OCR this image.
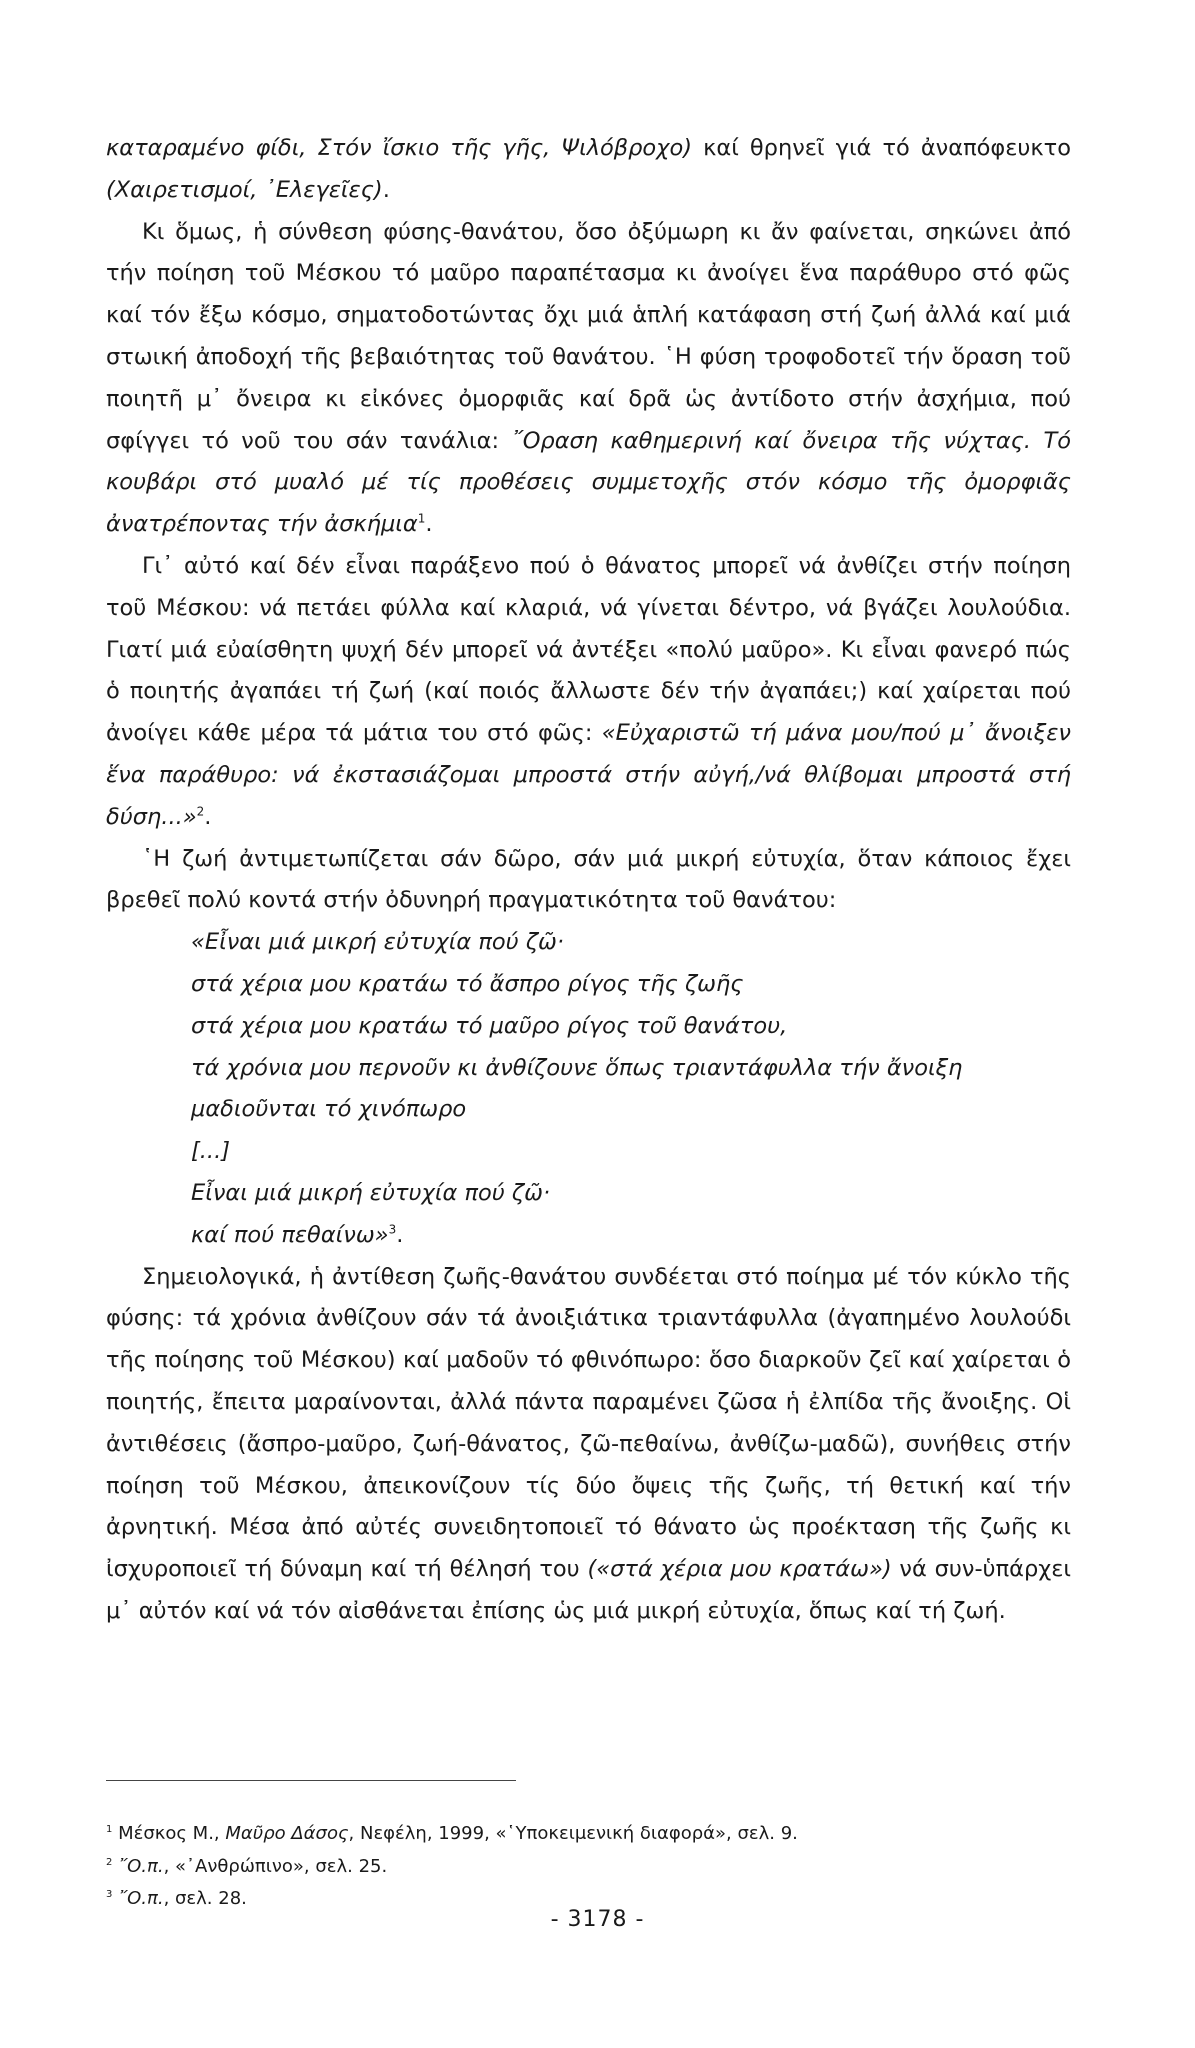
καταραμένο φίδι, Στόν ἴσκιο τῆς γῆς, Ψιλόβροχο) καί θρηνεῖ γιά τό ἀναπόφευκτο (Χαιρετισμοί, ᾽Ελεγεῖες).

Κι ὅμως, ἡ σύνθεση φύσης-θανάτου, ὅσο ὀξύμωρη κι ἄν φαίνεται, σηκώνει ἀπό τήν ποίηση τοῦ Μέσκου τό μαῦρο παραπέτασμα κι ἀνοίγει ἕνα παράθυρο στό φῶς καί τόν ἔξω κόσμο, σηματοδοτώντας ὄχι μιά ἁπλή κατάφαση στή ζωή ἀλλά καί μιά στωική ἀποδοχή τῆς βεβαιότητας τοῦ θανάτου. ῾Η φύση τροφοδοτεῖ τήν ὅραση τοῦ ποιητῆ μ᾽ ὄνειρα κι εἰκόνες ὀμορφιᾶς καί δρᾶ ὡς ἀντίδοτο στήν ἀσχήμια, πού σφίγγει τό νοῦ του σάν τανάλια: ῎Οραση καθημερινή καί ὄνειρα τῆς νύχτας. Τό κουβάρι στό μυαλό μέ τίς προθέσεις συμμετοχῆς στόν κόσμο τῆς ὀμορφιᾶς ἀνατρέποντας τήν ἀσκήμια$^1$.

Γι᾽ αὐτό καί δέν εἶναι παράξενο πού ὁ θάνατος μπορεῖ νά ἀνθίζει στήν ποίηση τοῦ Μέσκου: νά πετάει φύλλα καί κλαριά, νά γίνεται δέντρο, νά βγάζει λουλούδια. Γιατί μιά εὐαίσθητη ψυχή δέν μπορεῖ νά ἀντέξει «πολύ μαῦρο». Κι εἶναι φανερό πώς ὁ ποιητής ἀγαπάει τή ζωή (καί ποιός ἄλλωστε δέν τήν ἀγαπάει;) καί χαίρεται πού ἀνοίγει κάθε μέρα τά μάτια του στό φῶς: «Εὐχαριστῶ τή μάνα μου/πού μ᾽ ἄνοιξεν ἕνα παράθυρο: νά ἐκστασιάζομαι μπροστά στήν αὐγή,/νά θλίβομαι μπροστά στή δύση...»$^2$.

῾Η ζωή ἀντιμετωπίζεται σάν δῶρο, σάν μιά μικρή εὐτυχία, ὅταν κάποιος ἔχει βρεθεῖ πολύ κοντά στήν ὀδυνηρή πραγματικότητα τοῦ θανάτου:

«Εἶναι μιά μικρή εὐτυχία πού ζῶ·

στά χέρια μου κρατάω τό ἄσπρο ρίγος τῆς ζωῆς

στά χέρια μου κρατάω τό μαῦρο ρίγος τοῦ θανάτου,

τά χρόνια μου περνοῦν κι ἀνθίζουνε ὅπως τριαντάφυλλα τήν ἄνοιξη

μαδιοῦνται τό χινόπωρο

[...]

Εἶναι μιά μικρή εὐτυχία πού ζῶ·

καί πού πεθαίνω»$^3$.

Σημειολογικά, ἡ ἀντίθεση ζωῆς-θανάτου συνδέεται στό ποίημα μέ τόν κύκλο τῆς φύσης: τά χρόνια ἀνθίζουν σάν τά ἀνοιξιάτικα τριαντάφυλλα (ἀγαπημένο λουλούδι τῆς ποίησης τοῦ Μέσκου) καί μαδοῦν τό φθινόπωρο: ὅσο διαρκοῦν ζεῖ καί χαίρεται ὁ ποιητής, ἔπειτα μαραίνονται, ἀλλά πάντα παραμένει ζῶσα ἡ ἐλπίδα τῆς ἄνοιξης. Οἱ ἀντιθέσεις (ἄσπρο-μαῦρο, ζωή-θάνατος, ζῶ-πεθαίνω, ἀνθίζω-μαδῶ), συνήθεις στήν ποίηση τοῦ Μέσκου, ἀπεικονίζουν τίς δύο ὄψεις τῆς ζωῆς, τή θετική καί τήν ἀρνητική. Μέσα ἀπό αὐτές συνειδητοποιεῖ τό θάνατο ὡς προέκταση τῆς ζωῆς κι ἰσχυροποιεῖ τή δύναμη καί τή θέλησή του («στά χέρια μου κρατάω») νά συν-ὑπάρχει μ᾽ αὐτόν καί νά τόν αἰσθάνεται ἐπίσης ὡς μιά μικρή εὐτυχία, ὅπως καί τή ζωή.

$^1$ Μέσκος Μ., Μαῦρο Δάσος, Νεφέλη, 1999, «῾Υποκειμενική διαφορά», σελ. 9.

$^2$ ῎Ο.π., «᾽Ανθρώπινο», σελ. 25.

$^3$ ῎Ο.π., σελ. 28.

- 3178 -
